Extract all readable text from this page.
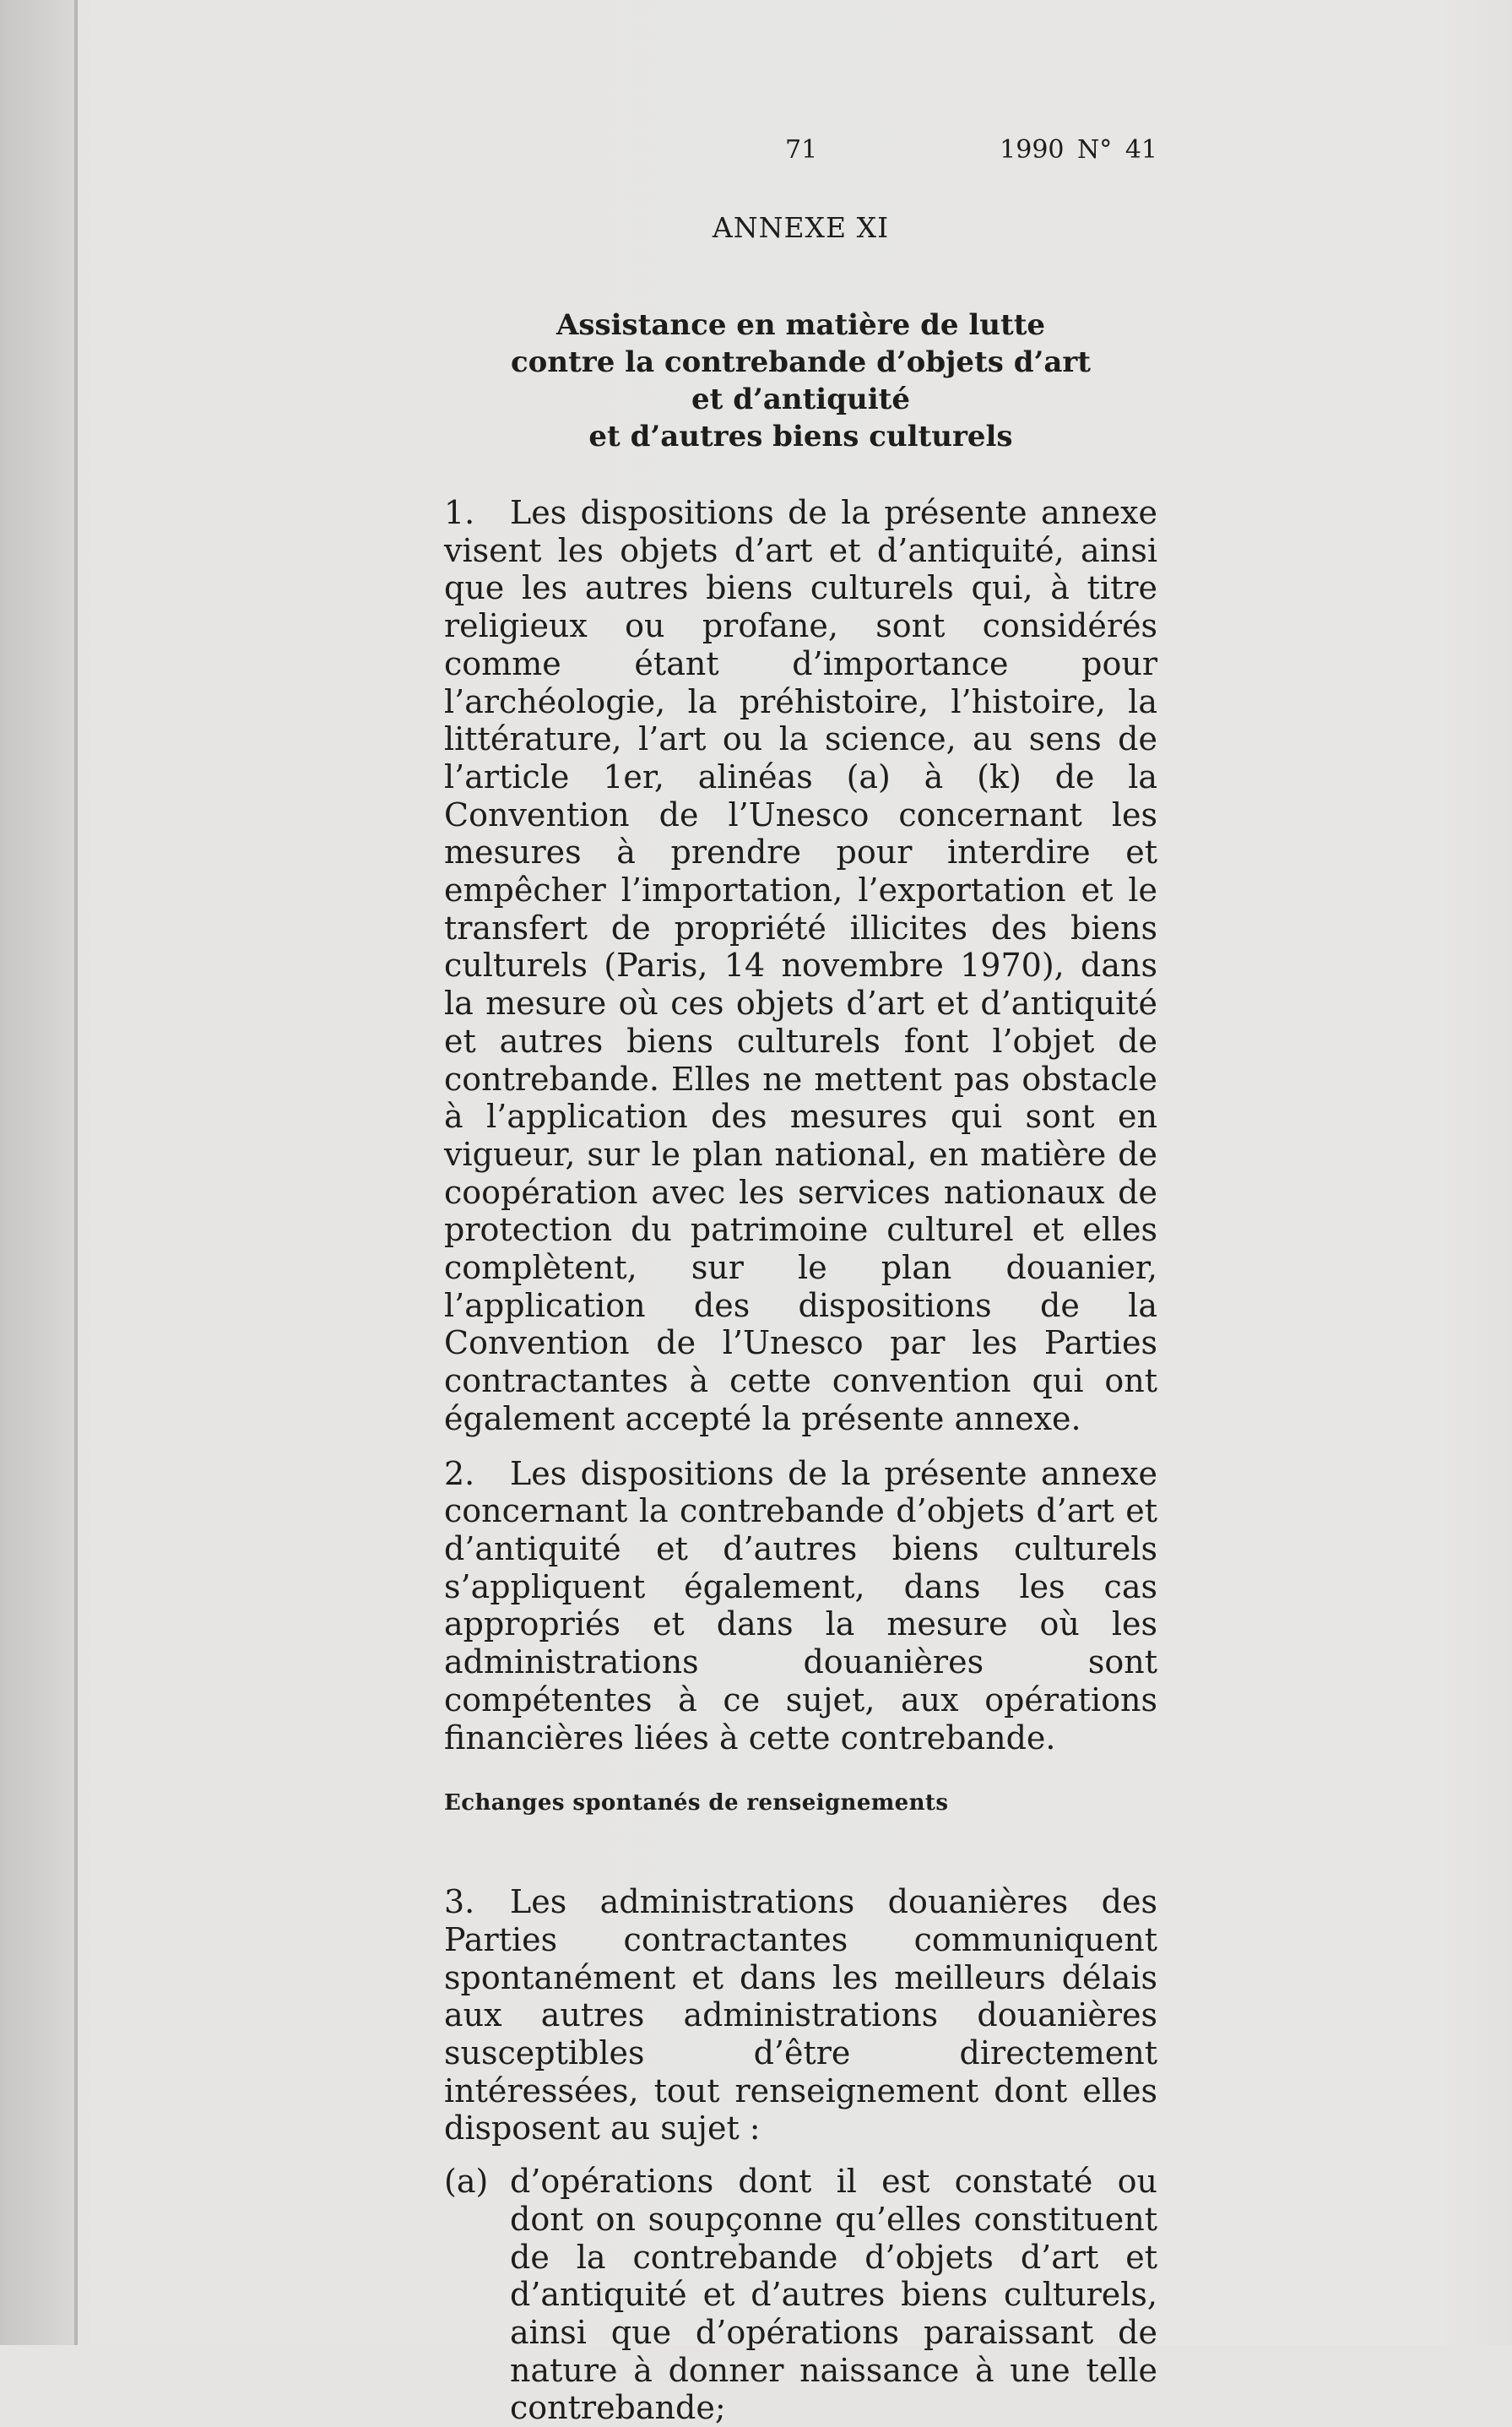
71	1990 N° 41
ANNEXE XI
Assistance en matière de lutte
contre la contrebande d’objets d’art
et d’antiquité
et d’autres biens culturels

1. Les dispositions de la présente annexe visent les objets d’art et d’antiquité, ainsi que les autres biens culturels qui, à titre religieux ou profane, sont considérés comme étant d’importance pour l’archéologie, la préhistoire, l’histoire, la littérature, l’art ou la science, au sens de l’article 1er, alinéas (a) à (k) de la Convention de l’Unesco concernant les mesures à prendre pour interdire et empêcher l’importation, l’exportation et le transfert de propriété illicites des biens culturels (Paris, 14 novembre 1970), dans la mesure où ces objets d’art et d’antiquité et autres biens culturels font l’objet de contrebande. Elles ne mettent pas obstacle à l’application des mesures qui sont en vigueur, sur le plan national, en matière de coopération avec les services nationaux de protection du patrimoine culturel et elles complètent, sur le plan douanier, l’application des dispositions de la Convention de l’Unesco par les Parties contractantes à cette convention qui ont également accepté la présente annexe.

2. Les dispositions de la présente annexe concernant la contrebande d’objets d’art et d’antiquité et d’autres biens culturels s’appliquent également, dans les cas appropriés et dans la mesure où les administrations douanières sont compétentes à ce sujet, aux opérations financières liées à cette contrebande.

Echanges spontanés de renseignements

3. Les administrations douanières des Parties contractantes communiquent spontanément et dans les meilleurs délais aux autres administrations douanières susceptibles d’être directement intéressées, tout renseignement dont elles disposent au sujet :

(a) d’opérations dont il est constaté ou dont on soupçonne qu’elles constituent de la contrebande d’objets d’art et d’antiquité et d’autres biens culturels, ainsi que d’opérations paraissant de nature à donner naissance à une telle contrebande;
